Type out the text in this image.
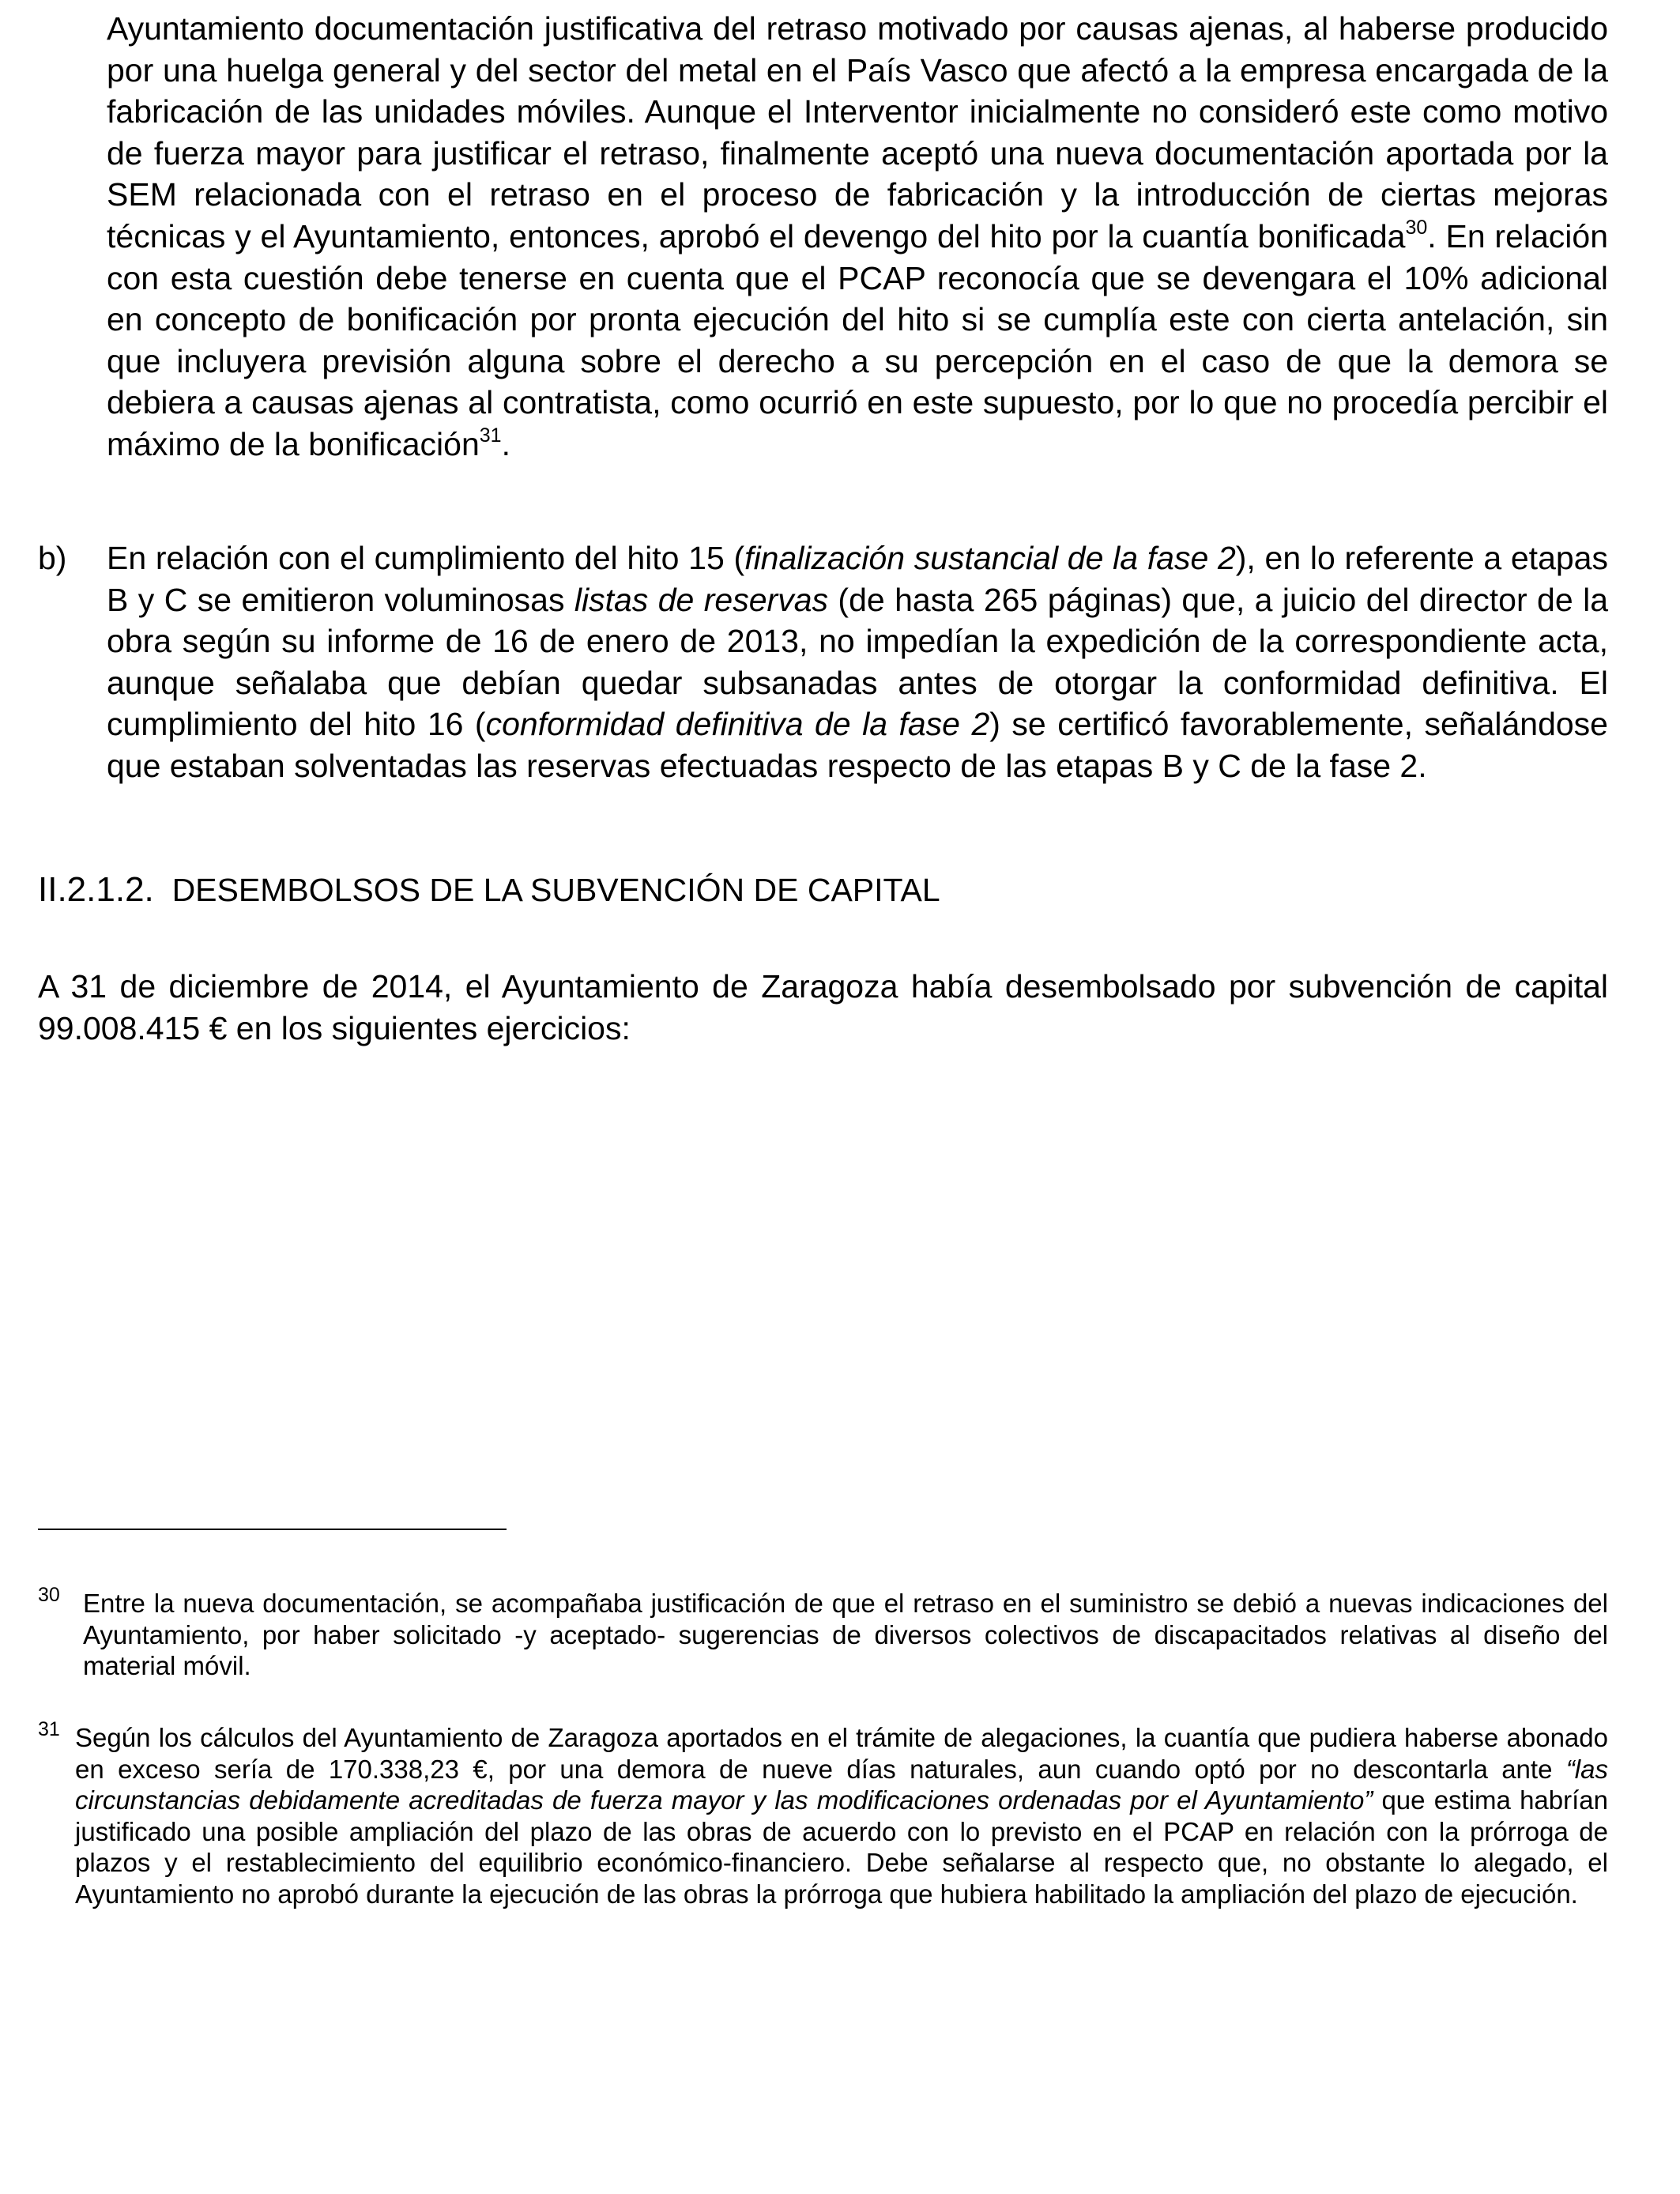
Ayuntamiento documentación justificativa del retraso motivado por causas ajenas, al haberse producido por una huelga general y del sector del metal en el País Vasco que afectó a la empresa encargada de la fabricación de las unidades móviles. Aunque el Interventor inicialmente no consideró este como motivo de fuerza mayor para justificar el retraso, finalmente aceptó una nueva documentación aportada por la SEM relacionada con el retraso en el proceso de fabricación y la introducción de ciertas mejoras técnicas y el Ayuntamiento, entonces, aprobó el devengo del hito por la cuantía bonificada$^{30}$. En relación con esta cuestión debe tenerse en cuenta que el PCAP reconocía que se devengara el 10% adicional en concepto de bonificación por pronta ejecución del hito si se cumplía este con cierta antelación, sin que incluyera previsión alguna sobre el derecho a su percepción en el caso de que la demora se debiera a causas ajenas al contratista, como ocurrió en este supuesto, por lo que no procedía percibir el máximo de la bonificación$^{31}$.

b) En relación con el cumplimiento del hito 15 (finalización sustancial de la fase 2), en lo referente a etapas B y C se emitieron voluminosas listas de reservas (de hasta 265 páginas) que, a juicio del director de la obra según su informe de 16 de enero de 2013, no impedían la expedición de la correspondiente acta, aunque señalaba que debían quedar subsanadas antes de otorgar la conformidad definitiva. El cumplimiento del hito 16 (conformidad definitiva de la fase 2) se certificó favorablemente, señalándose que estaban solventadas las reservas efectuadas respecto de las etapas B y C de la fase 2.

II.2.1.2. DESEMBOLSOS DE LA SUBVENCIÓN DE CAPITAL

A 31 de diciembre de 2014, el Ayuntamiento de Zaragoza había desembolsado por subvención de capital 99.008.415 € en los siguientes ejercicios:

30 Entre la nueva documentación, se acompañaba justificación de que el retraso en el suministro se debió a nuevas indicaciones del Ayuntamiento, por haber solicitado -y aceptado- sugerencias de diversos colectivos de discapacitados relativas al diseño del material móvil.

31 Según los cálculos del Ayuntamiento de Zaragoza aportados en el trámite de alegaciones, la cuantía que pudiera haberse abonado en exceso sería de 170.338,23 €, por una demora de nueve días naturales, aun cuando optó por no descontarla ante “las circunstancias debidamente acreditadas de fuerza mayor y las modificaciones ordenadas por el Ayuntamiento” que estima habrían justificado una posible ampliación del plazo de las obras de acuerdo con lo previsto en el PCAP en relación con la prórroga de plazos y el restablecimiento del equilibrio económico-financiero. Debe señalarse al respecto que, no obstante lo alegado, el Ayuntamiento no aprobó durante la ejecución de las obras la prórroga que hubiera habilitado la ampliación del plazo de ejecución.
